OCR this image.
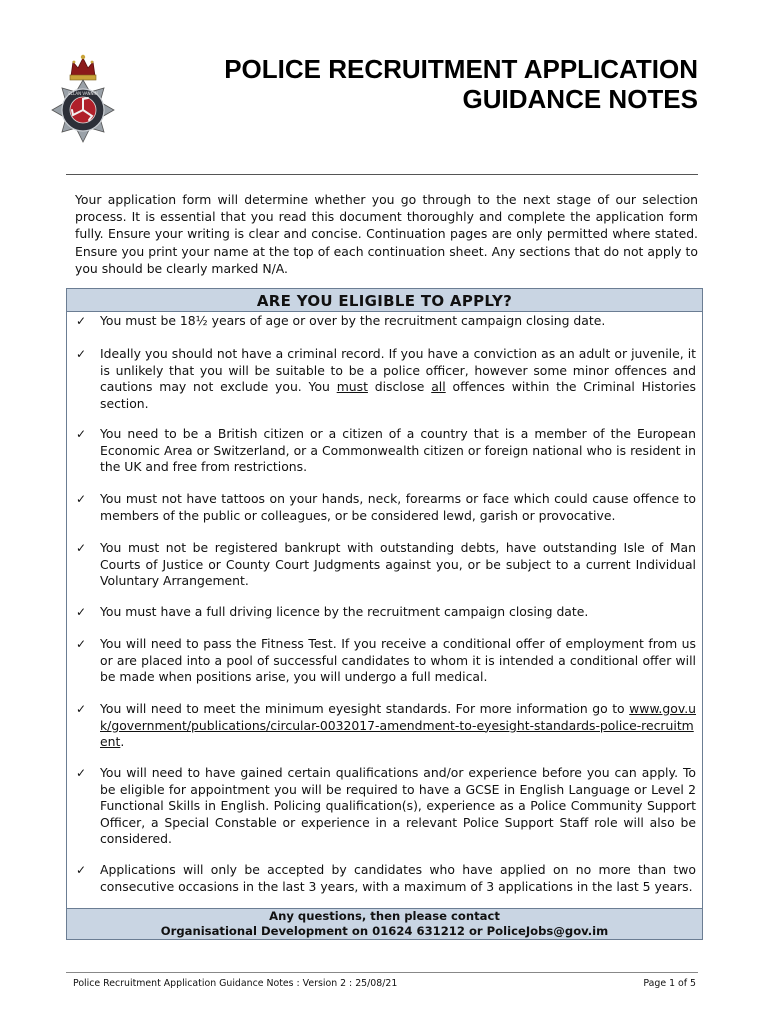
ELLAN VANNIN
POLICE RECRUITMENT APPLICATION
GUIDANCE NOTES

Your application form will determine whether you go through to the next stage of our selection process. It is essential that you read this document thoroughly and complete the application form fully. Ensure your writing is clear and concise. Continuation pages are only permitted where stated. Ensure you print your name at the top of each continuation sheet. Any sections that do not apply to you should be clearly marked N/A.

ARE YOU ELIGIBLE TO APPLY?
✓ You must be 18½ years of age or over by the recruitment campaign closing date.

✓ Ideally you should not have a criminal record. If you have a conviction as an adult or juvenile, it is unlikely that you will be suitable to be a police officer, however some minor offences and cautions may not exclude you. You must disclose all offences within the Criminal Histories section.

✓ You need to be a British citizen or a citizen of a country that is a member of the European Economic Area or Switzerland, or a Commonwealth citizen or foreign national who is resident in the UK and free from restrictions.

✓ You must not have tattoos on your hands, neck, forearms or face which could cause offence to members of the public or colleagues, or be considered lewd, garish or provocative.

✓ You must not be registered bankrupt with outstanding debts, have outstanding Isle of Man Courts of Justice or County Court Judgments against you, or be subject to a current Individual Voluntary Arrangement.

✓ You must have a full driving licence by the recruitment campaign closing date.

✓ You will need to pass the Fitness Test. If you receive a conditional offer of employment from us or are placed into a pool of successful candidates to whom it is intended a conditional offer will be made when positions arise, you will undergo a full medical.

✓ You will need to meet the minimum eyesight standards. For more information go to www.gov.uk/government/publications/circular-0032017-amendment-to-eyesight-standards-police-recruitment.

✓ You will need to have gained certain qualifications and/or experience before you can apply. To be eligible for appointment you will be required to have a GCSE in English Language or Level 2 Functional Skills in English. Policing qualification(s), experience as a Police Community Support Officer, a Special Constable or experience in a relevant Police Support Staff role will also be considered.

✓ Applications will only be accepted by candidates who have applied on no more than two consecutive occasions in the last 3 years, with a maximum of 3 applications in the last 5 years.

Any questions, then please contact
Organisational Development on 01624 631212 or PoliceJobs@gov.im
Police Recruitment Application Guidance Notes : Version 2 : 25/08/21	Page 1 of 5
